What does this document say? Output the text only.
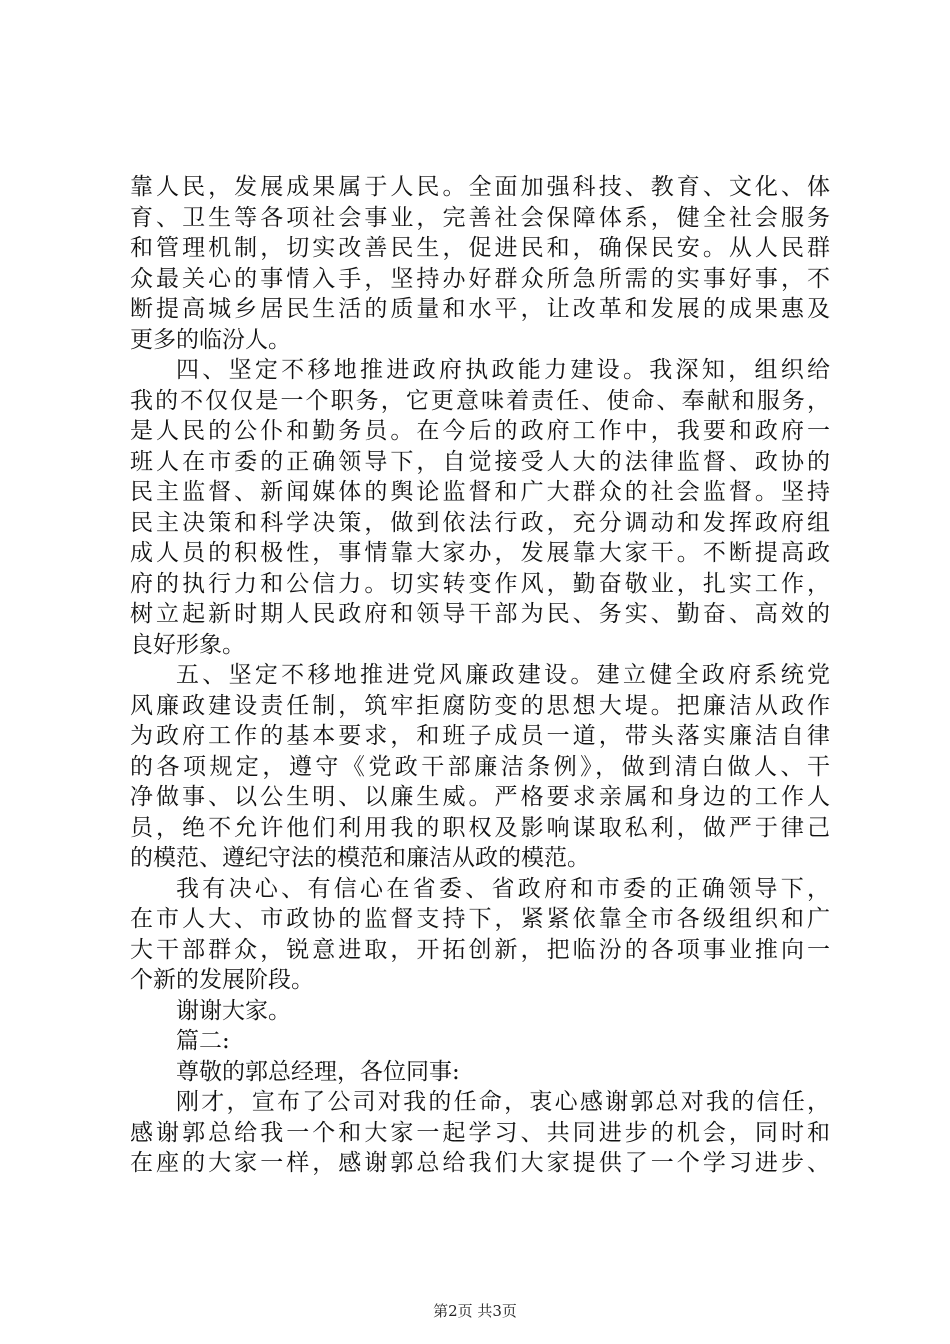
靠人民，发展成果属于人民。全面加强科技、教育、文化、体
育、卫生等各项社会事业，完善社会保障体系，健全社会服务
和管理机制，切实改善民生，促进民和，确保民安。从人民群
众最关心的事情入手，坚持办好群众所急所需的实事好事，不
断提高城乡居民生活的质量和水平，让改革和发展的成果惠及
更多的临汾人。
四、坚定不移地推进政府执政能力建设。我深知，组织给
我的不仅仅是一个职务，它更意味着责任、使命、奉献和服务，
是人民的公仆和勤务员。在今后的政府工作中，我要和政府一
班人在市委的正确领导下，自觉接受人大的法律监督、政协的
民主监督、新闻媒体的舆论监督和广大群众的社会监督。坚持
民主决策和科学决策，做到依法行政，充分调动和发挥政府组
成人员的积极性，事情靠大家办，发展靠大家干。不断提高政
府的执行力和公信力。切实转变作风，勤奋敬业，扎实工作，
树立起新时期人民政府和领导干部为民、务实、勤奋、高效的
良好形象。
五、坚定不移地推进党风廉政建设。建立健全政府系统党
风廉政建设责任制，筑牢拒腐防变的思想大堤。把廉洁从政作
为政府工作的基本要求，和班子成员一道，带头落实廉洁自律
的各项规定，遵守《党政干部廉洁条例》，做到清白做人、干
净做事、以公生明、以廉生威。严格要求亲属和身边的工作人
员，绝不允许他们利用我的职权及影响谋取私利，做严于律己
的模范、遵纪守法的模范和廉洁从政的模范。
我有决心、有信心在省委、省政府和市委的正确领导下，
在市人大、市政协的监督支持下，紧紧依靠全市各级组织和广
大干部群众，锐意进取，开拓创新，把临汾的各项事业推向一
个新的发展阶段。
谢谢大家。
篇二:
尊敬的郭总经理，各位同事:
刚才，宣布了公司对我的任命，衷心感谢郭总对我的信任，
感谢郭总给我一个和大家一起学习、共同进步的机会，同时和
在座的大家一样，感谢郭总给我们大家提供了一个学习进步、
第2页 共3页
